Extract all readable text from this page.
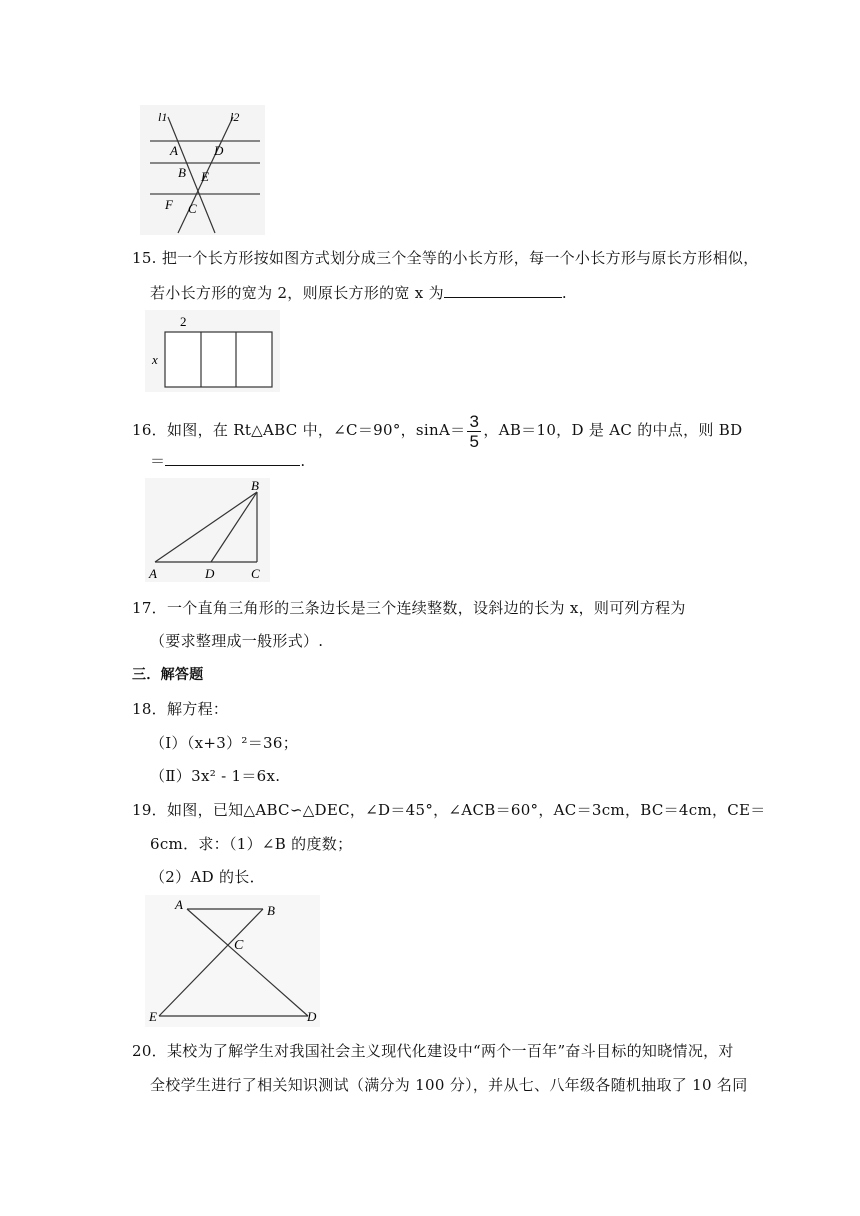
l1	l2
A	D
B E
F C
15. 把一个长方形按如图方式划分成三个全等的小长方形，每一个小长方形与原长方形相似，
若小长方形的宽为 2，则原长方形的宽 x 为	.
2
x
16．如图，在 Rt△ABC 中，∠C＝90°，$\sin A= \frac{3}{5}$ ，AB＝10，D 是 AC 的中点，则 BD
＝	.
B
A	D	C
17．一个直角三角形的三条边长是三个连续整数，设斜边的长为 x，则可列方程为
（要求整理成一般形式）.
三．解答题
18．解方程：
（Ⅰ）（x+3）²＝36；
（Ⅱ）3x² - 1＝6x.
19．如图，已知△ABC∽△DEC，∠D＝45°，∠ACB＝60°，AC＝3cm，BC＝4cm，CE＝
6cm．求：（1）∠B 的度数；
（2）AD 的长．
A	B
C
E	D
20．某校为了解学生对我国社会主义现代化建设中“两个一百年”奋斗目标的知晓情况，对
全校学生进行了相关知识测试（满分为 100 分），并从七、八年级各随机抽取了 10 名同
